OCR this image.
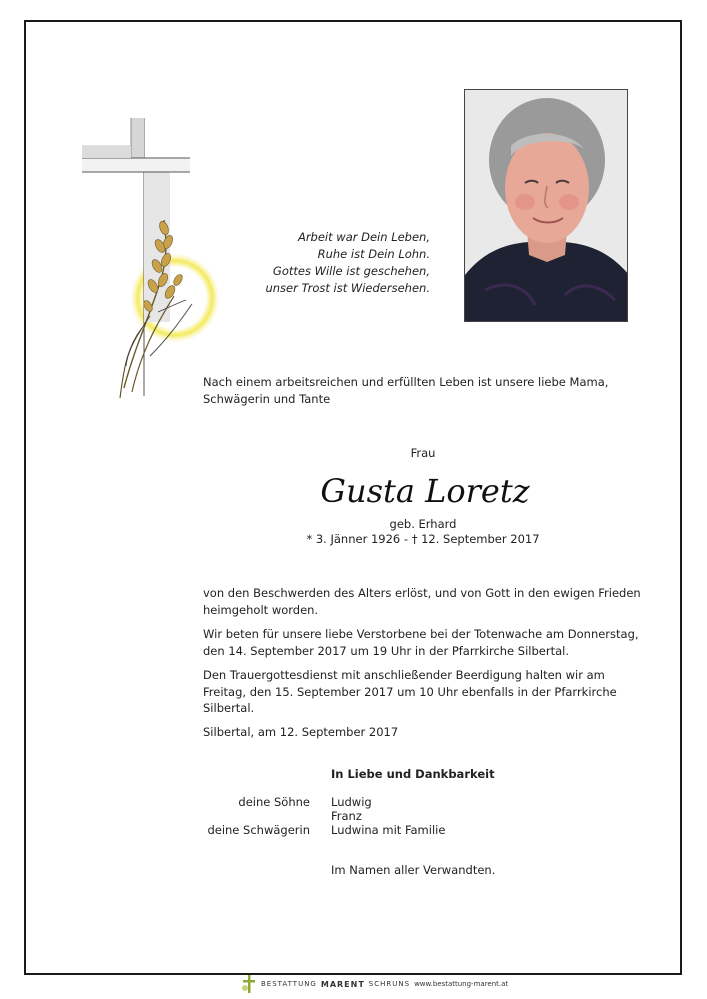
Arbeit war Dein Leben,
Ruhe ist Dein Lohn.
Gottes Wille ist geschehen,
unser Trost ist Wiedersehen.

Nach einem arbeitsreichen und erfüllten Leben ist unsere liebe Mama, Schwägerin und Tante

Frau

Gusta Loretz

geb. Erhard

* 3. Jänner 1926 - † 12. September 2017

von den Beschwerden des Alters erlöst, und von Gott in den ewigen Frieden heimgeholt worden.

Wir beten für unsere liebe Verstorbene bei der Totenwache am Donnerstag, den 14. September 2017 um 19 Uhr in der Pfarrkirche Silbertal.

Den Trauergottesdienst mit anschließender Beerdigung halten wir am Freitag, den 15. September 2017 um 10 Uhr ebenfalls in der Pfarrkirche Silbertal.

Silbertal, am 12. September 2017

In Liebe und Dankbarkeit
deine Söhne Ludwig
Franz
deine Schwägerin Ludwina mit Familie
Im Namen aller Verwandten.
BESTATTUNG MARENT SCHRUNS www.bestattung-marent.at
